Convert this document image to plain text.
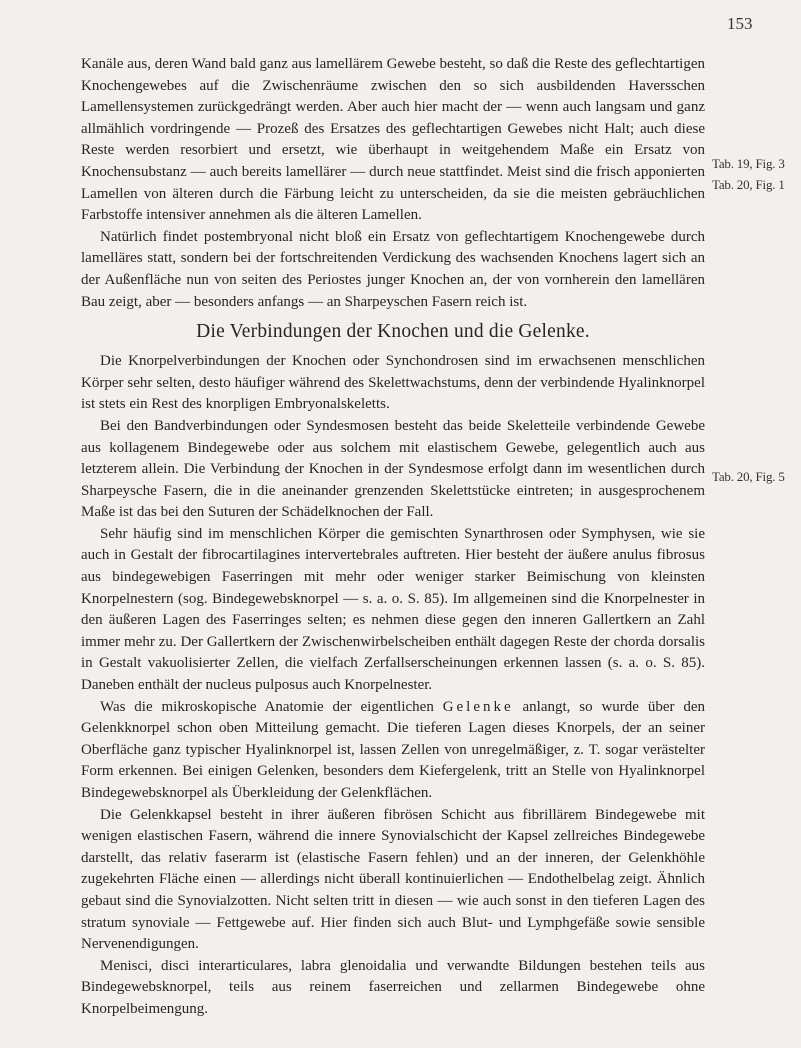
153

Kanäle aus, deren Wand bald ganz aus lamellärem Gewebe besteht, so daß die Reste des geflechtartigen Knochengewebes auf die Zwischenräume zwischen den so sich ausbildenden Haversschen Lamellensystemen zurückgedrängt werden. Aber auch hier macht der — wenn auch langsam und ganz allmählich vordringende — Prozeß des Ersatzes des geflechtartigen Gewebes nicht Halt; auch diese Reste werden resorbiert und ersetzt, wie überhaupt in weitgehendem Maße ein Ersatz von Knochensubstanz — auch bereits lamellärer — durch neue stattfindet. Meist sind die frisch apponierten Lamellen von älteren durch die Färbung leicht zu unterscheiden, da sie die meisten gebräuchlichen Farbstoffe intensiver annehmen als die älteren Lamellen.

Natürlich findet postembryonal nicht bloß ein Ersatz von geflechtartigem Knochengewebe durch lamelläres statt, sondern bei der fortschreitenden Verdickung des wachsenden Knochens lagert sich an der Außenfläche nun von seiten des Periostes junger Knochen an, der von vornherein den lamellären Bau zeigt, aber — besonders anfangs — an Sharpeyschen Fasern reich ist.

Die Verbindungen der Knochen und die Gelenke.

Die Knorpelverbindungen der Knochen oder Synchondrosen sind im erwachsenen menschlichen Körper sehr selten, desto häufiger während des Skelettwachstums, denn der verbindende Hyalinknorpel ist stets ein Rest des knorpligen Embryonalskeletts.

Bei den Bandverbindungen oder Syndesmosen besteht das beide Skeletteile verbindende Gewebe aus kollagenem Bindegewebe oder aus solchem mit elastischem Gewebe, gelegentlich auch aus letzterem allein. Die Verbindung der Knochen in der Syndesmose erfolgt dann im wesentlichen durch Sharpeysche Fasern, die in die aneinander grenzenden Skelettstücke eintreten; in ausgesprochenem Maße ist das bei den Suturen der Schädelknochen der Fall.

Sehr häufig sind im menschlichen Körper die gemischten Synarthrosen oder Symphysen, wie sie auch in Gestalt der fibrocartilagines intervertebrales auftreten. Hier besteht der äußere anulus fibrosus aus bindegewebigen Faserringen mit mehr oder weniger starker Beimischung von kleinsten Knorpelnestern (sog. Bindegewebsknorpel — s. a. o. S. 85). Im allgemeinen sind die Knorpelnester in den äußeren Lagen des Faserringes selten; es nehmen diese gegen den inneren Gallertkern an Zahl immer mehr zu. Der Gallertkern der Zwischenwirbelscheiben enthält dagegen Reste der chorda dorsalis in Gestalt vakuolisierter Zellen, die vielfach Zerfallserscheinungen erkennen lassen (s. a. o. S. 85). Daneben enthält der nucleus pulposus auch Knorpelnester.

Was die mikroskopische Anatomie der eigentlichen Gelenke anlangt, so wurde über den Gelenkknorpel schon oben Mitteilung gemacht. Die tieferen Lagen dieses Knorpels, der an seiner Oberfläche ganz typischer Hyalinknorpel ist, lassen Zellen von unregelmäßiger, z. T. sogar verästelter Form erkennen. Bei einigen Gelenken, besonders dem Kiefergelenk, tritt an Stelle von Hyalinknorpel Bindegewebsknorpel als Überkleidung der Gelenkflächen.

Die Gelenkkapsel besteht in ihrer äußeren fibrösen Schicht aus fibrillärem Bindegewebe mit wenigen elastischen Fasern, während die innere Synovialschicht der Kapsel zellreiches Bindegewebe darstellt, das relativ faserarm ist (elastische Fasern fehlen) und an der inneren, der Gelenkhöhle zugekehrten Fläche einen — allerdings nicht überall kontinuierlichen — Endothelbelag zeigt. Ähnlich gebaut sind die Synovialzotten. Nicht selten tritt in diesen — wie auch sonst in den tieferen Lagen des stratum synoviale — Fettgewebe auf. Hier finden sich auch Blut- und Lymphgefäße sowie sensible Nervenendigungen.

Menisci, disci interarticulares, labra glenoidalia und verwandte Bildungen bestehen teils aus Bindegewebsknorpel, teils aus reinem faserreichen und zellarmen Bindegewebe ohne Knorpelbeimengung.

Tab. 19, Fig. 3
Tab. 20, Fig. 1
Tab. 20, Fig. 5
